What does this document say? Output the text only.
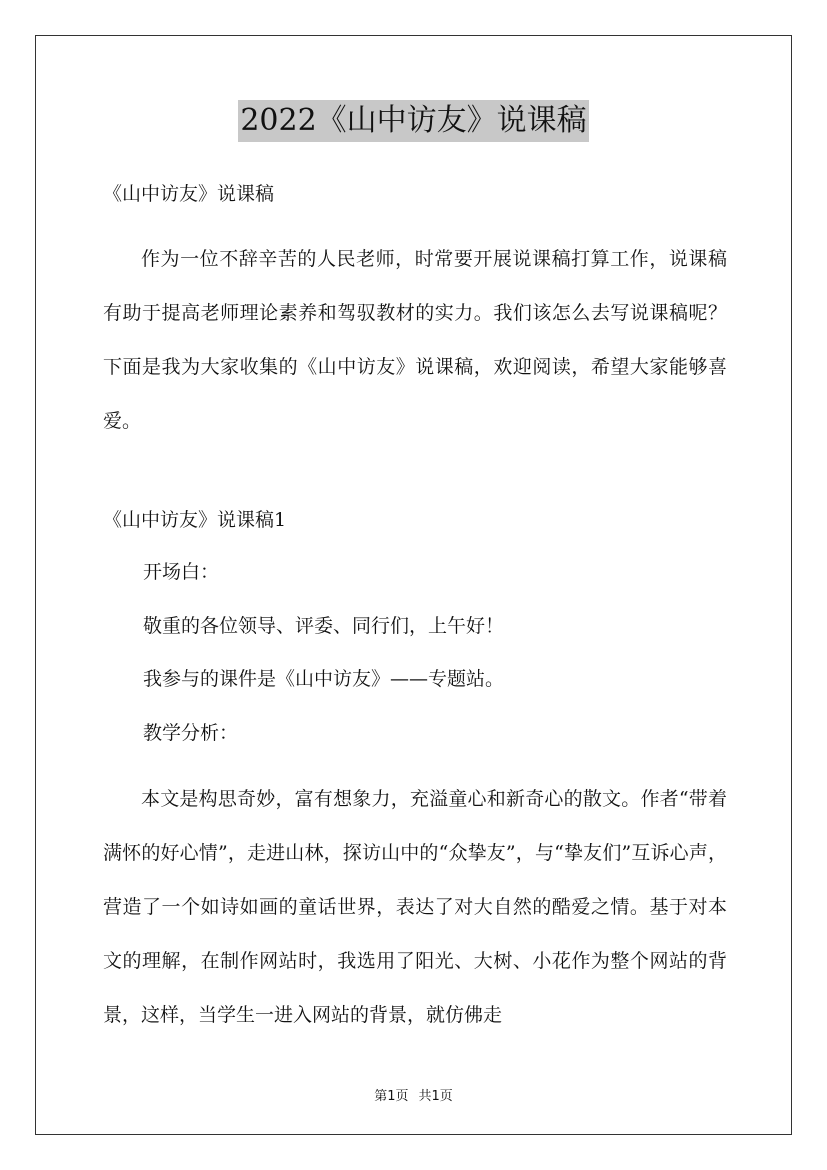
2022《山中访友》说课稿
《山中访友》说课稿

作为一位不辞辛苦的人民老师，时常要开展说课稿打算工作，说课稿有助于提高老师理论素养和驾驭教材的实力。我们该怎么去写说课稿呢？下面是我为大家收集的《山中访友》说课稿，欢迎阅读，希望大家能够喜爱。

《山中访友》说课稿1
开场白：
敬重的各位领导、评委、同行们，上午好！
我参与的课件是《山中访友》——专题站。
教学分析：

本文是构思奇妙，富有想象力，充溢童心和新奇心的散文。作者“带着满怀的好心情”，走进山林，探访山中的“众挚友”，与“挚友们”互诉心声，营造了一个如诗如画的童话世界，表达了对大自然的酷爱之情。基于对本文的理解，在制作网站时，我选用了阳光、大树、小花作为整个网站的背景，这样，当学生一进入网站的背景，就仿佛走

第1页 共1页
